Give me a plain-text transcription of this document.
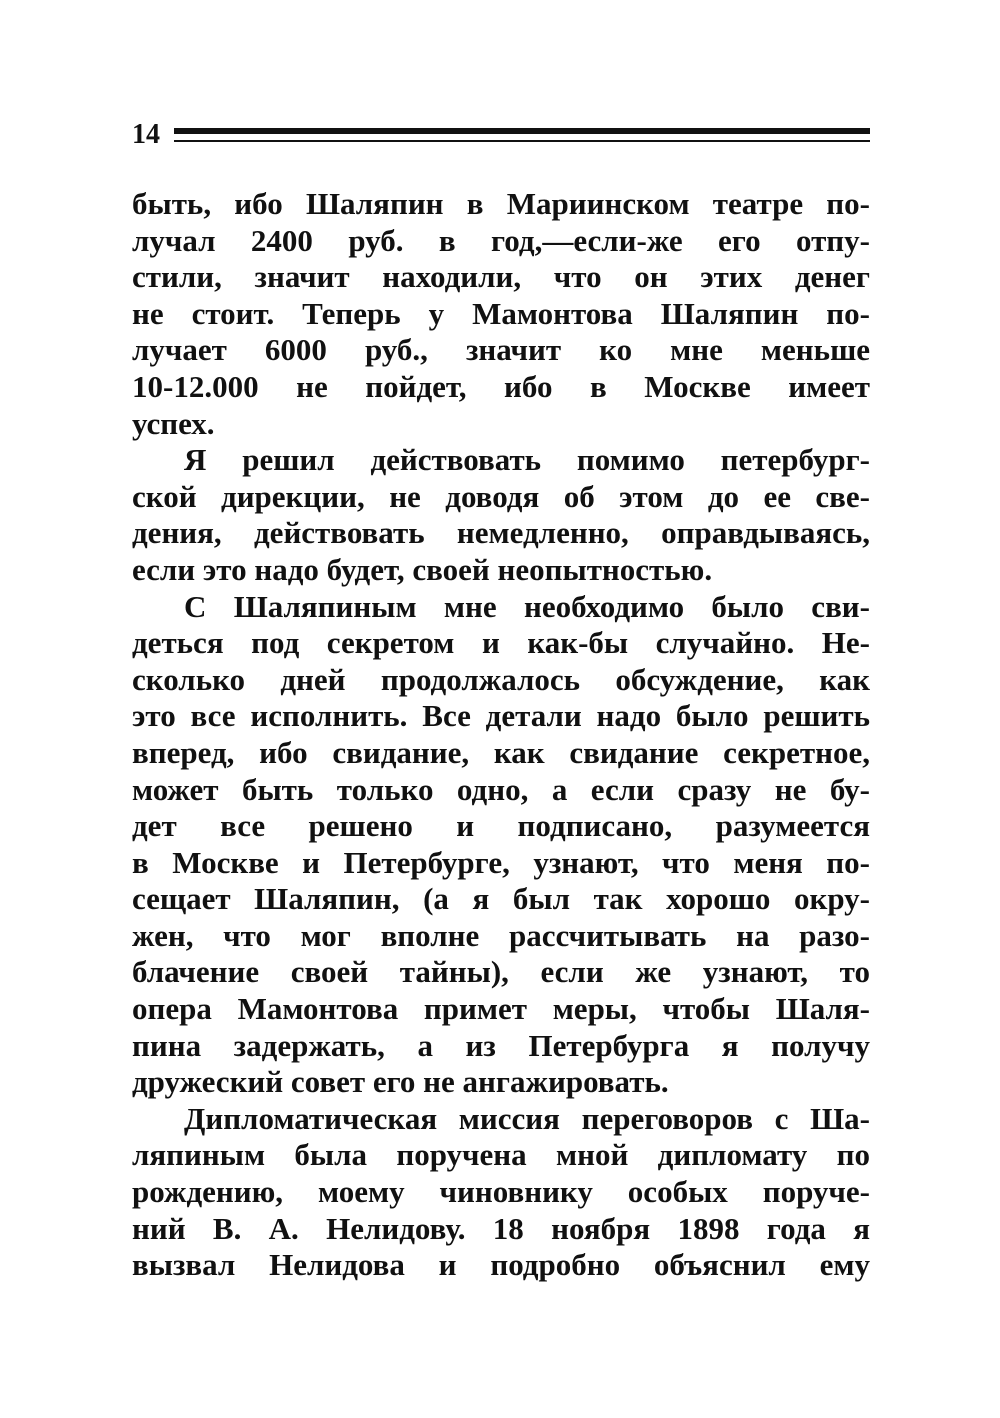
14
быть, ибо Шаляпин в Мариинском театре по-
лучал 2400 руб. в год,—если-же его отпу-
стили, значит находили, что он этих денег
не стоит. Теперь у Мамонтова Шаляпин по-
лучает 6000 руб., значит ко мне меньше
10-12.000 не пойдет, ибо в Москве имеет
успех.
Я решил действовать помимо петербург-
ской дирекции, не доводя об этом до ее све-
дения, действовать немедленно, оправдываясь,
если это надо будет, своей неопытностью.
С Шаляпиным мне необходимо было сви-
деться под секретом и как-бы случайно. Не-
сколько дней продолжалось обсуждение, как
это все исполнить. Все детали надо было решить
вперед, ибо свидание, как свидание секретное,
может быть только одно, а если сразу не бу-
дет все решено и подписано, разумеется
в Москве и Петербурге, узнают, что меня по-
сещает Шаляпин, (а я был так хорошо окру-
жен, что мог вполне рассчитывать на разо-
блачение своей тайны), если же узнают, то
опера Мамонтова примет меры, чтобы Шаля-
пина задержать, а из Петербурга я получу
дружеский совет его не ангажировать.
Дипломатическая миссия переговоров с Ша-
ляпиным была поручена мной дипломату по
рождению, моему чиновнику особых поруче-
ний В. А. Нелидову. 18 ноября 1898 года я
вызвал Нелидова и подробно объяснил ему
